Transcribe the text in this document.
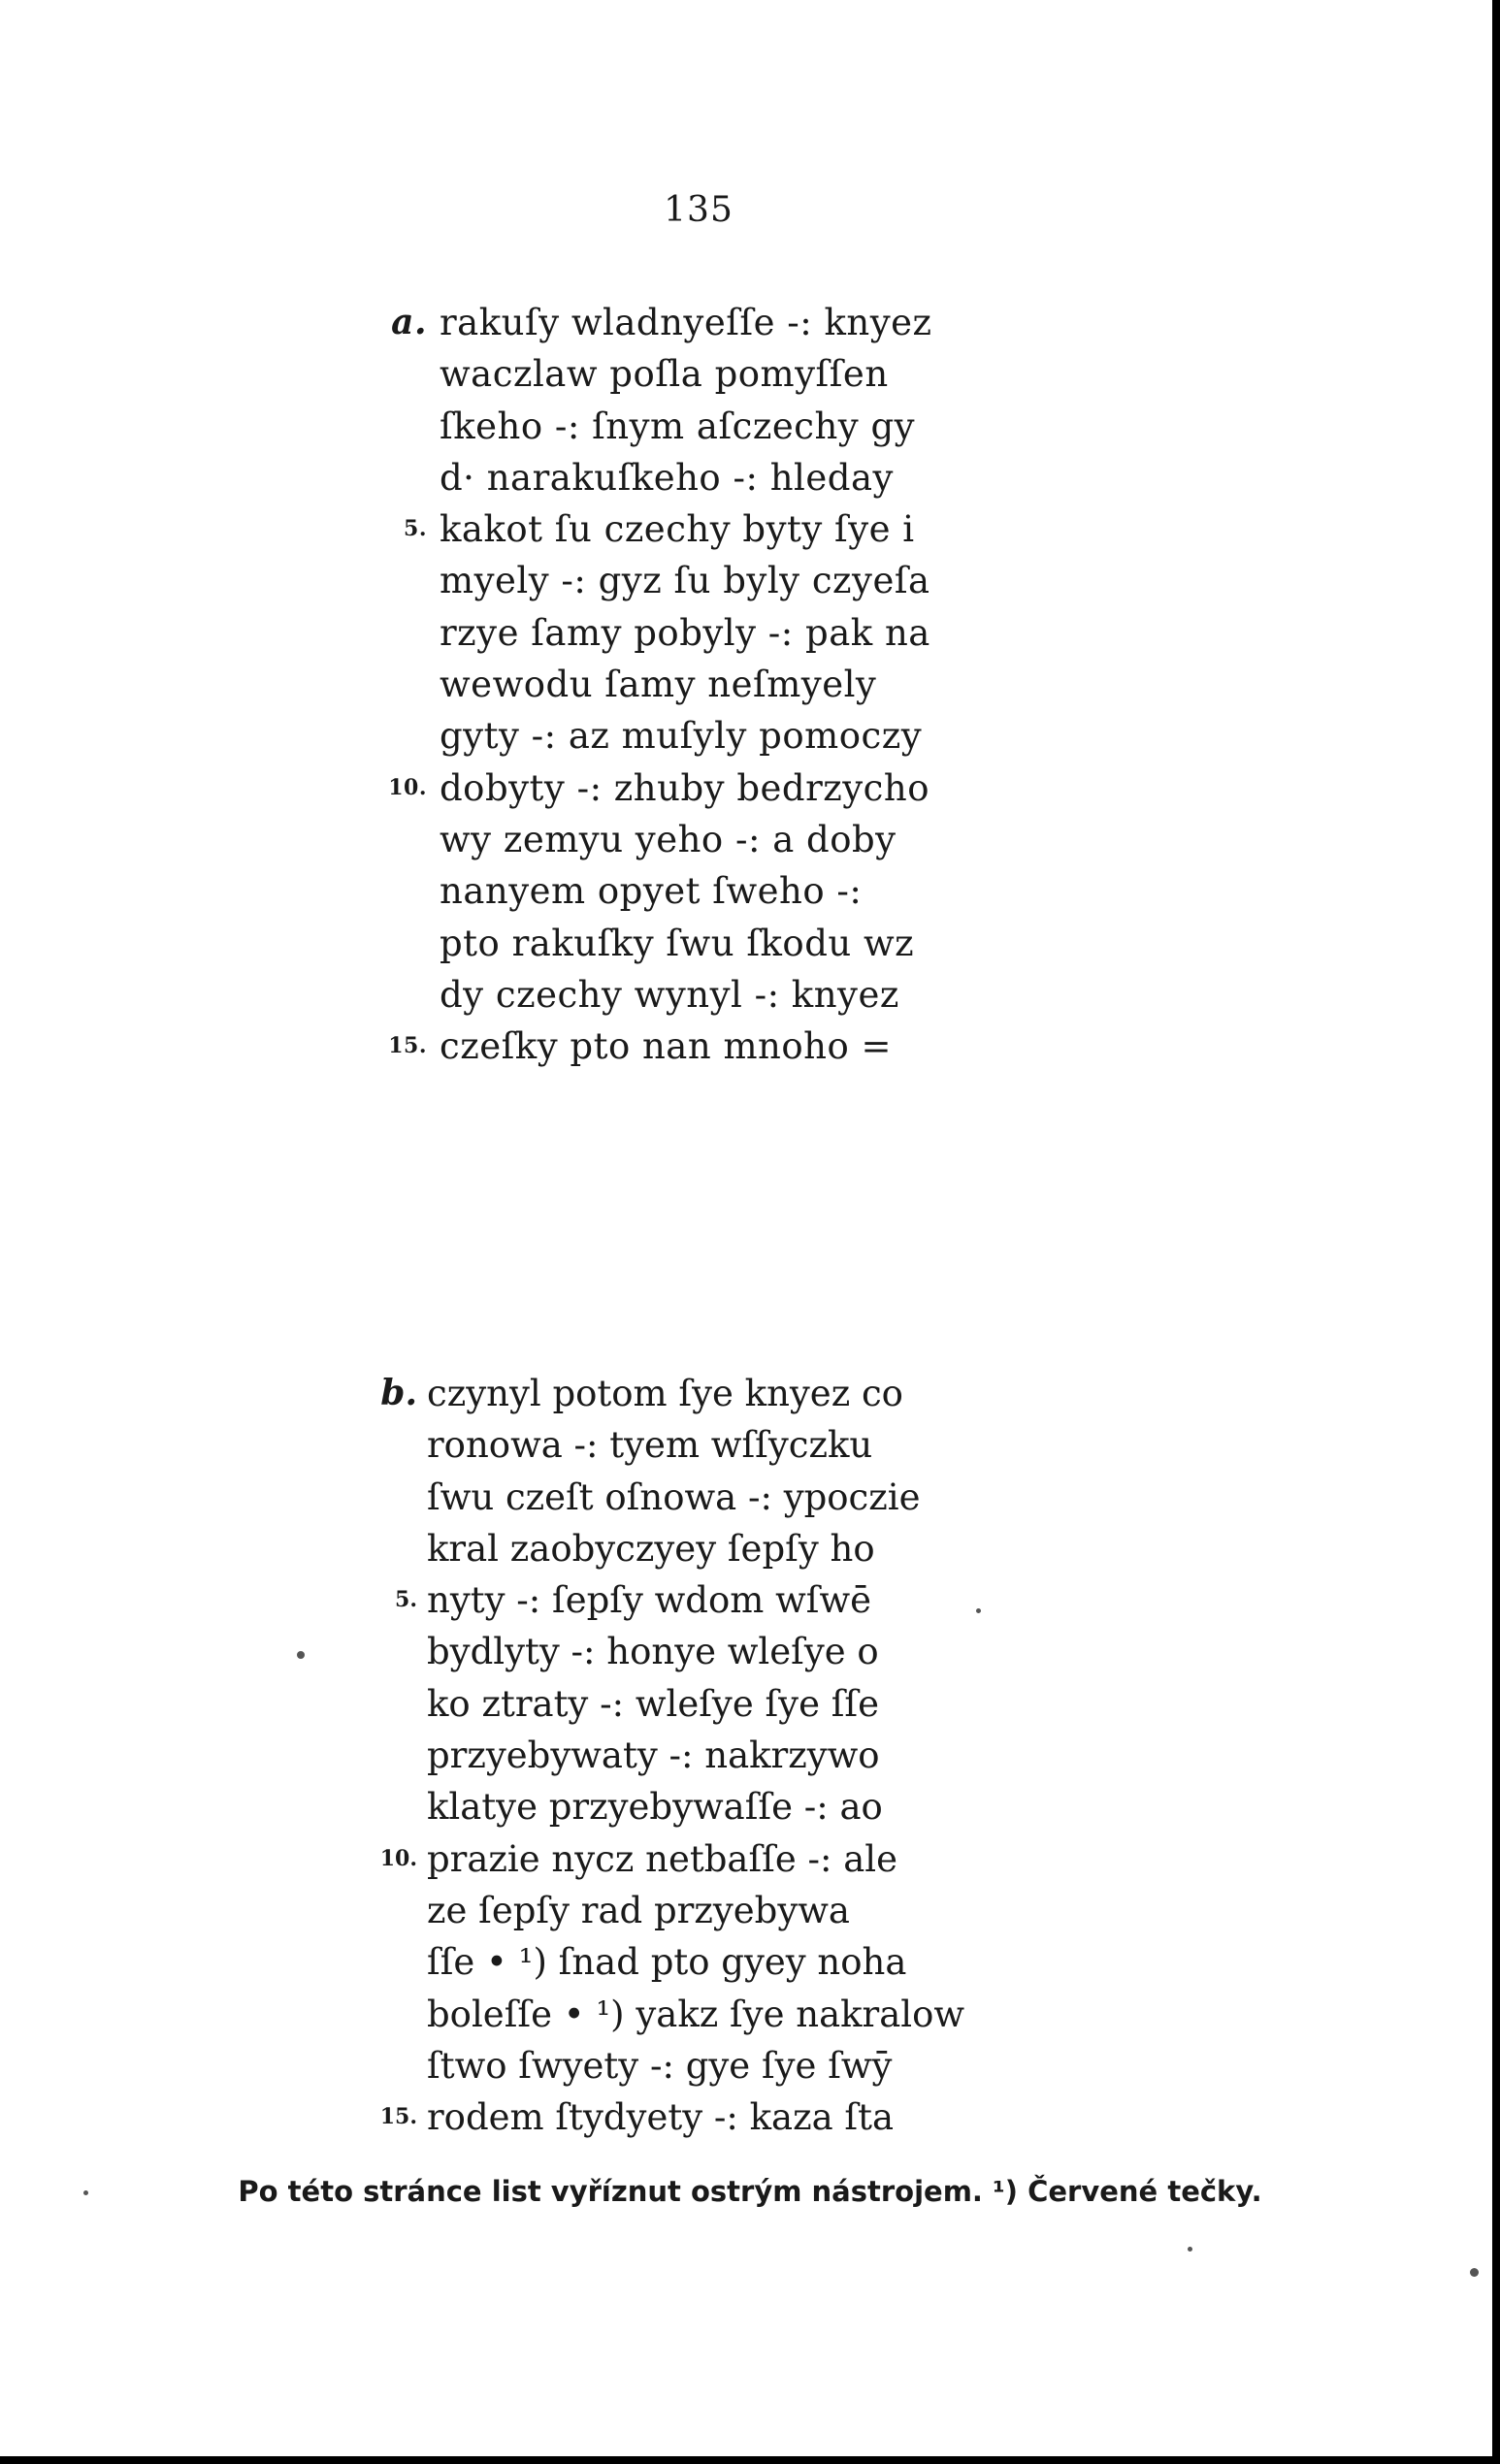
135
a. rakuſy wladnyeſſe -: knyez
waczlaw poſla pomyſſen
ſkeho -: ſnym aſczechy gy
d· narakuſkeho -: hleday
5. kakot ſu czechy byty ſye i
myely -: gyz ſu byly czyeſa
rzye ſamy pobyly -: pak na
wewodu ſamy neſmyely
gyty -: az muſyly pomoczy
10. dobyty -: zhuby bedrzycho
wy zemyu yeho -: a doby
nanyem opyet ſweho -:
pto rakuſky ſwu ſkodu wz
dy czechy wynyl -: knyez
15. czeſky pto nan mnoho =
b. czynyl potom ſye knyez co
ronowa -: tyem wſſyczku
ſwu czeſt oſnowa -: ypoczie
kral zaobyczyey ſepſy ho
5. nyty -: ſepſy wdom wſwē
bydlyty -: honye wleſye o
ko ztraty -: wleſye ſye ſſe
przyebywaty -: nakrzywo
klatye przyebywaſſe -: ao
10. prazie nycz netbaſſe -: ale
ze ſepſy rad przyebywa
ſſe • ¹) ſnad pto gyey noha
boleſſe • ¹) yakz ſye nakralow
ſtwo ſwyety -: gye ſye ſwȳ
15. rodem ſtydyety -: kaza ſta
Po této stránce list vyříznut ostrým nástrojem. ¹) Červené tečky.
